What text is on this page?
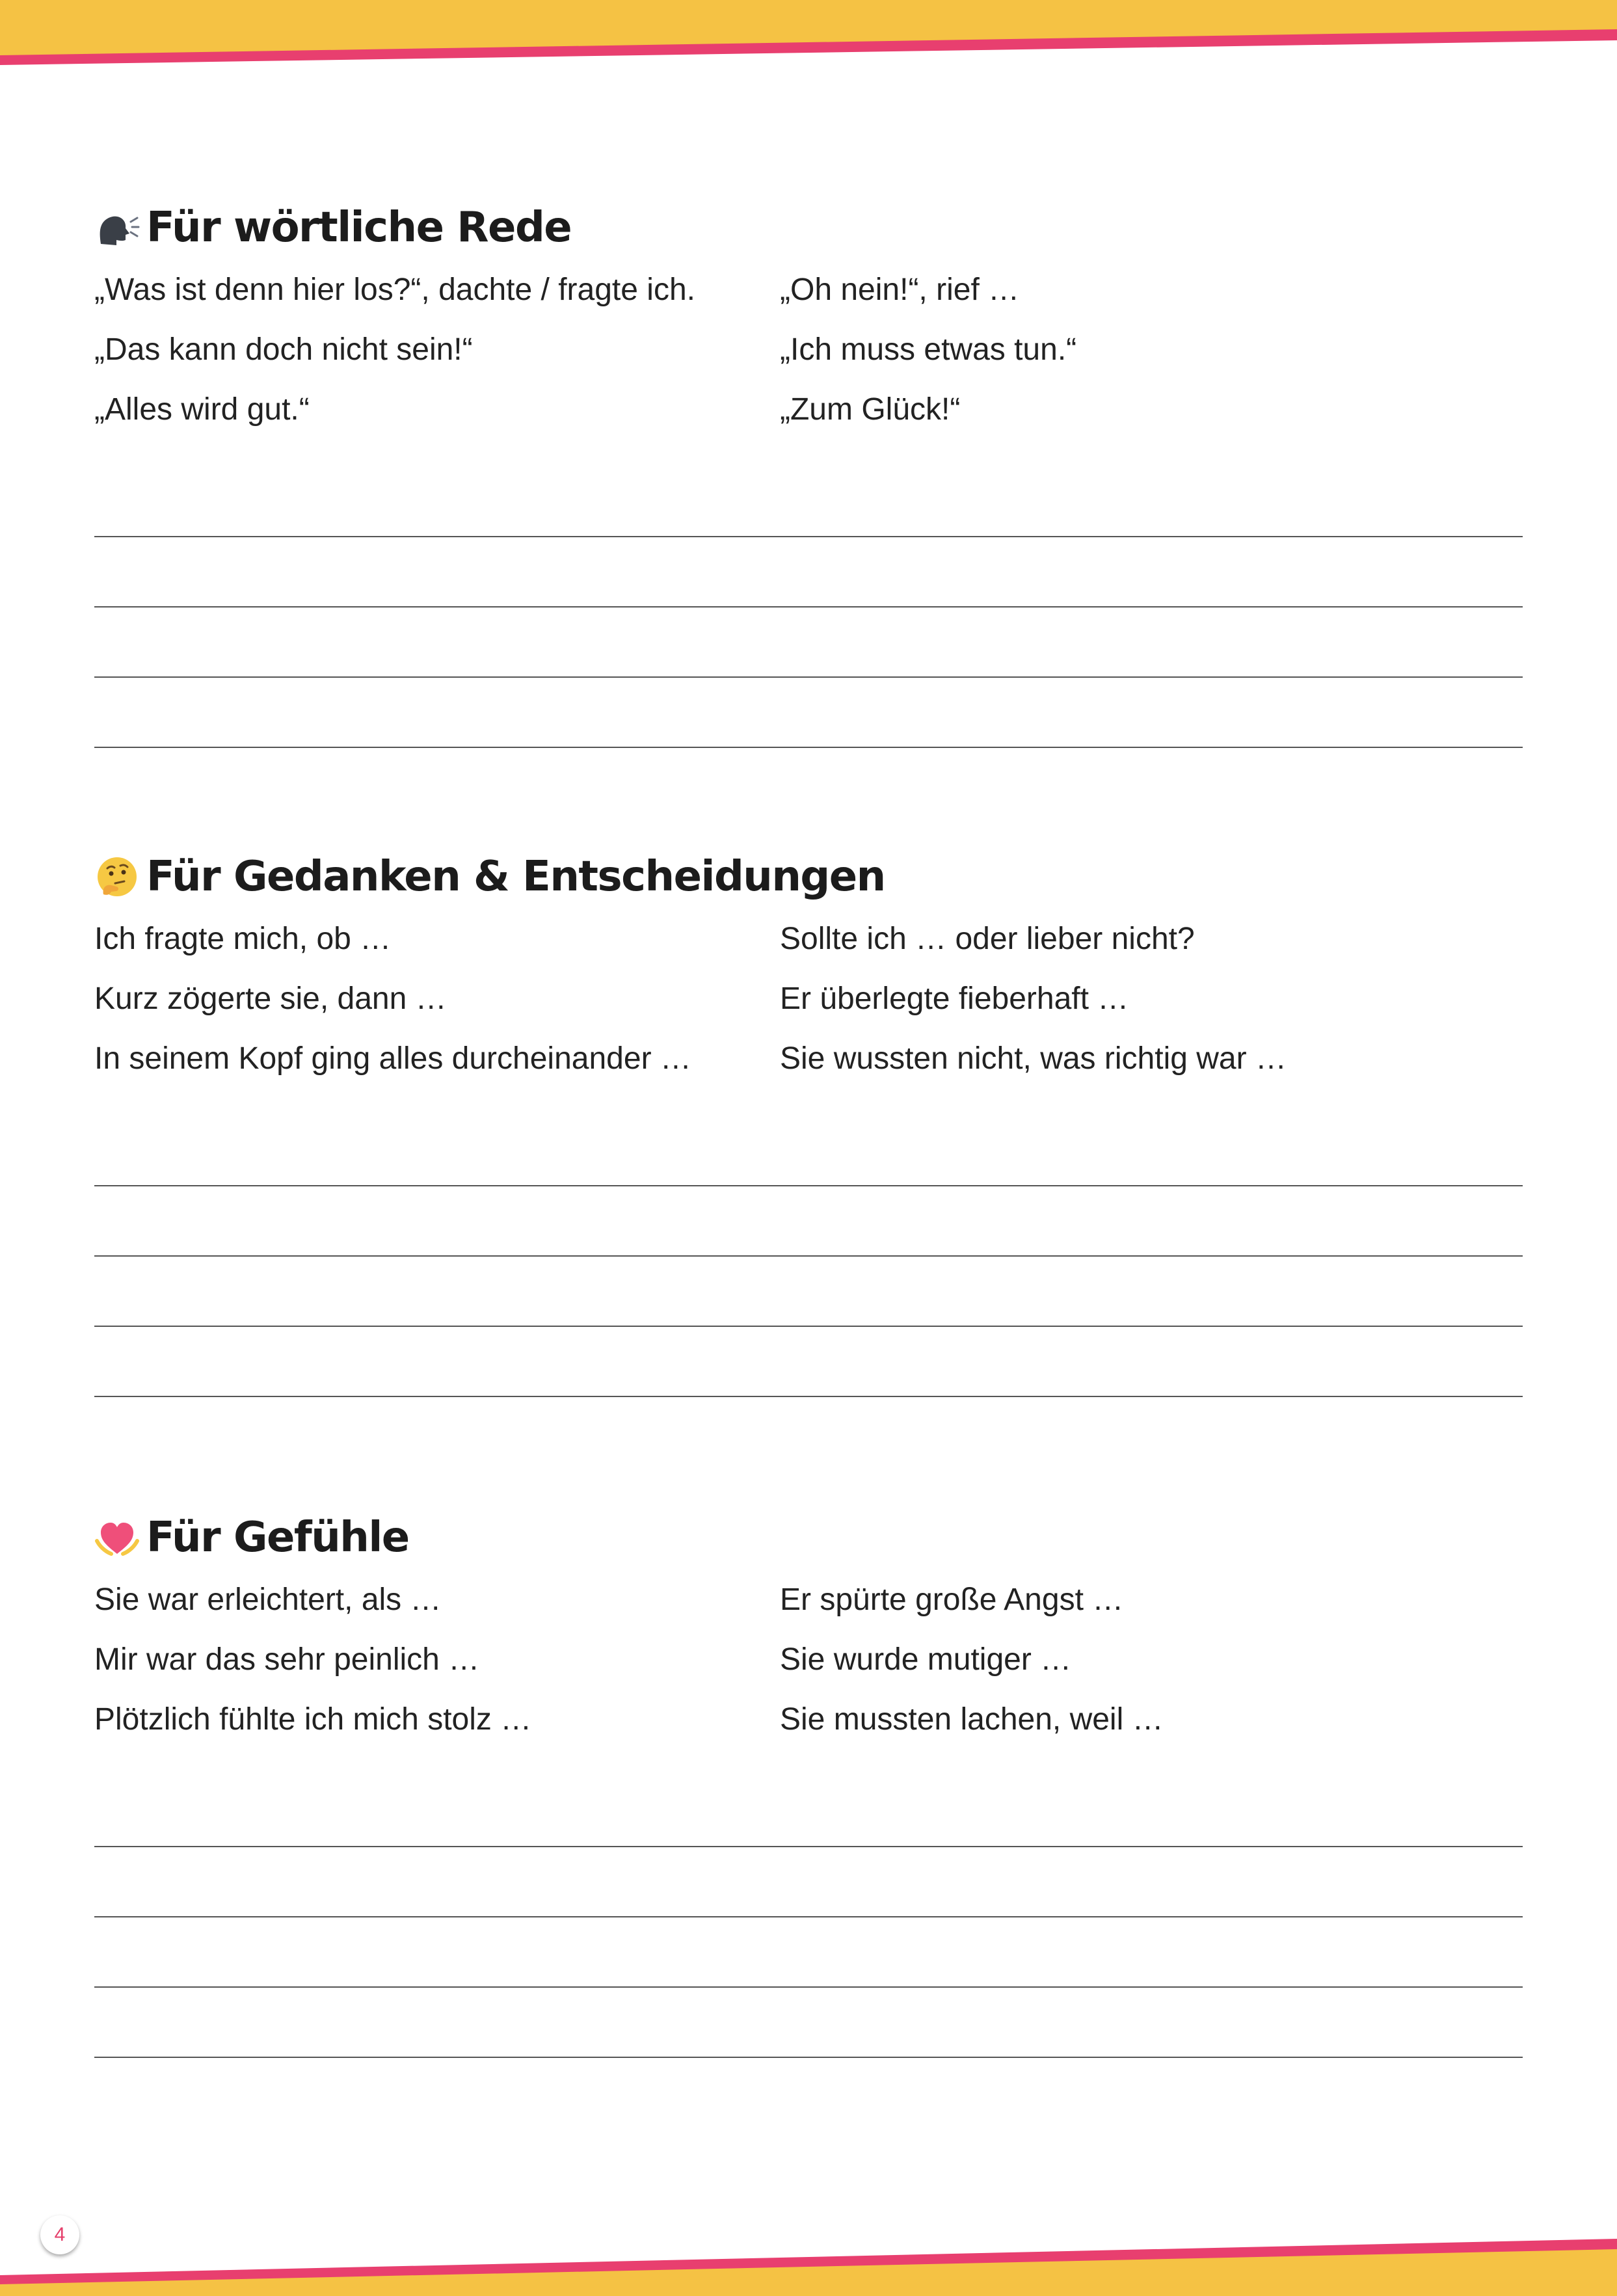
Für wörtliche Rede
„Was ist denn hier los?“, dachte / fragte ich.	„Oh nein!“, rief …
„Das kann doch nicht sein!“	„Ich muss etwas tun.“
„Alles wird gut.“	„Zum Glück!“
Für Gedanken & Entscheidungen
Ich fragte mich, ob …	Sollte ich … oder lieber nicht?
Kurz zögerte sie, dann …	Er überlegte fieberhaft …
In seinem Kopf ging alles durcheinander …	Sie wussten nicht, was richtig war …
Für Gefühle
Sie war erleichtert, als …	Er spürte große Angst …
Mir war das sehr peinlich …	Sie wurde mutiger …
Plötzlich fühlte ich mich stolz …	Sie mussten lachen, weil …
4
